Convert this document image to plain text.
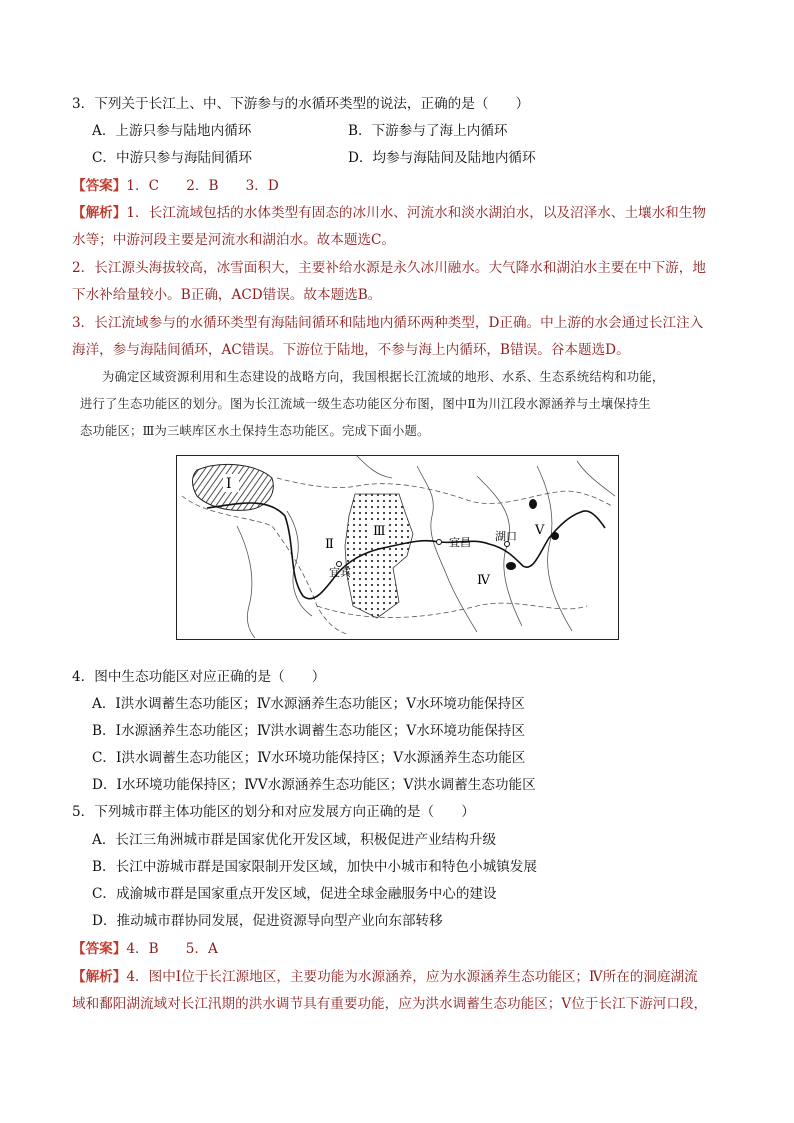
3．下列关于长江上、中、下游参与的水循环类型的说法，正确的是（　　）
A．上游只参与陆地内循环	B．下游参与了海上内循环
C．中游只参与海陆间循环	D．均参与海陆间及陆地内循环
【答案】1．C　　2．B　　3．D
【解析】1．长江流域包括的水体类型有固态的冰川水、河流水和淡水湖泊水，以及沼泽水、土壤水和生物
水等；中游河段主要是河流水和湖泊水。故本题选C。
2．长江源头海拔较高，冰雪面积大，主要补给水源是永久冰川融水。大气降水和湖泊水主要在中下游，地
下水补给量较小。B正确，ACD错误。故本题选B。
3．长江流域参与的水循环类型有海陆间循环和陆地内循环两种类型，D正确。中上游的水会通过长江注入
海洋，参与海陆间循环，AC错误。下游位于陆地，不参与海上内循环，B错误。谷本题选D。
为确定区域资源利用和生态建设的战略方向，我国根据长江流域的地形、水系、生态系统结构和功能，
进行了生态功能区的划分。图为长江流域一级生态功能区分布图，图中Ⅱ为川江段水源涵养与土壤保持生
态功能区；Ⅲ为三峡库区水土保持生态功能区。完成下面小题。
Ⅰ
Ⅱ
Ⅲ
Ⅳ
Ⅴ
宜宾
宜昌 湖口
4．图中生态功能区对应正确的是（　　）
A．Ⅰ洪水调蓄生态功能区；Ⅳ水源涵养生态功能区；Ⅴ水环境功能保持区
B．Ⅰ水源涵养生态功能区；Ⅳ洪水调蓄生态功能区；Ⅴ水环境功能保持区
C．Ⅰ洪水调蓄生态功能区；Ⅳ水环境功能保持区；Ⅴ水源涵养生态功能区
D．Ⅰ水环境功能保持区；ⅣV水源涵养生态功能区；Ⅴ洪水调蓄生态功能区
5．下列城市群主体功能区的划分和对应发展方向正确的是（　　）
A．长江三角洲城市群是国家优化开发区域，积极促进产业结构升级
B．长江中游城市群是国家限制开发区域，加快中小城市和特色小城镇发展
C．成渝城市群是国家重点开发区域，促进全球金融服务中心的建设
D．推动城市群协同发展，促进资源导向型产业向东部转移
【答案】4．B　　5．A
【解析】4．图中Ⅰ位于长江源地区，主要功能为水源涵养，应为水源涵养生态功能区；Ⅳ所在的洞庭湖流
域和鄱阳湖流域对长江汛期的洪水调节具有重要功能，应为洪水调蓄生态功能区；Ⅴ位于长江下游河口段，
